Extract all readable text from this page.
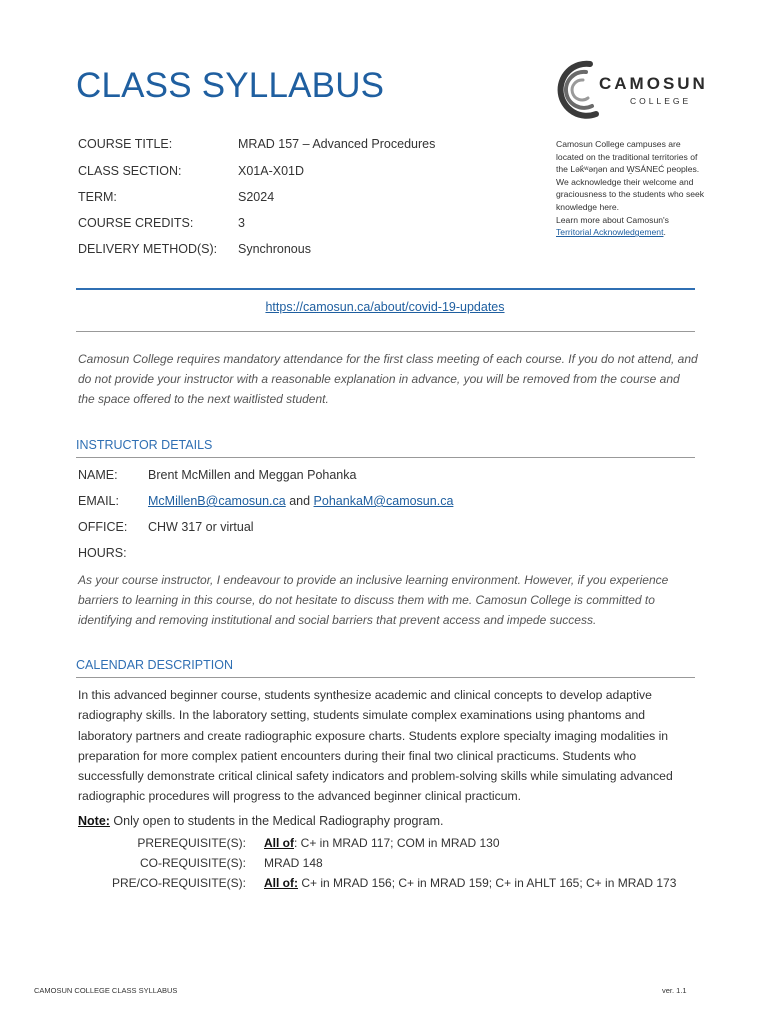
CLASS SYLLABUS	CAMOSUN
COLLEGE
COURSE TITLE:	MRAD 157 – Advanced Procedures
CLASS SECTION:	X01A-X01D
TERM:	S2024
COURSE CREDITS:	3
DELIVERY METHOD(S): Synchronous
Camosun College campuses are
located on the traditional territories of
the Lək̓ʷəŋən and W̱SÁNEĆ peoples.
We acknowledge their welcome and
graciousness to the students who seek
knowledge here.
Learn more about Camosun's
Territorial Acknowledgement.
https://camosun.ca/about/covid-19-updates
Camosun College requires mandatory attendance for the first class meeting of each course. If you do not attend, and do not provide your instructor with a reasonable explanation in advance, you will be removed from the course and the space offered to the next waitlisted student.
INSTRUCTOR DETAILS
NAME: Brent McMillen and Meggan Pohanka
EMAIL: McMillenB@camosun.ca and PohankaM@camosun.ca
OFFICE: CHW 317 or virtual
HOURS:
As your course instructor, I endeavour to provide an inclusive learning environment. However, if you experience barriers to learning in this course, do not hesitate to discuss them with me. Camosun College is committed to identifying and removing institutional and social barriers that prevent access and impede success.
CALENDAR DESCRIPTION
In this advanced beginner course, students synthesize academic and clinical concepts to develop adaptive radiography skills. In the laboratory setting, students simulate complex examinations using phantoms and laboratory partners and create radiographic exposure charts. Students explore specialty imaging modalities in preparation for more complex patient encounters during their final two clinical practicums. Students who successfully demonstrate critical clinical safety indicators and problem-solving skills while simulating advanced radiographic procedures will progress to the advanced beginner clinical practicum.
Note: Only open to students in the Medical Radiography program.
PREREQUISITE(S): All of: C+ in MRAD 117; COM in MRAD 130
CO-REQUISITE(S): MRAD 148
PRE/CO-REQUISITE(S): All of: C+ in MRAD 156; C+ in MRAD 159; C+ in AHLT 165; C+ in MRAD 173
CAMOSUN COLLEGE CLASS SYLLABUS	ver. 1.1
